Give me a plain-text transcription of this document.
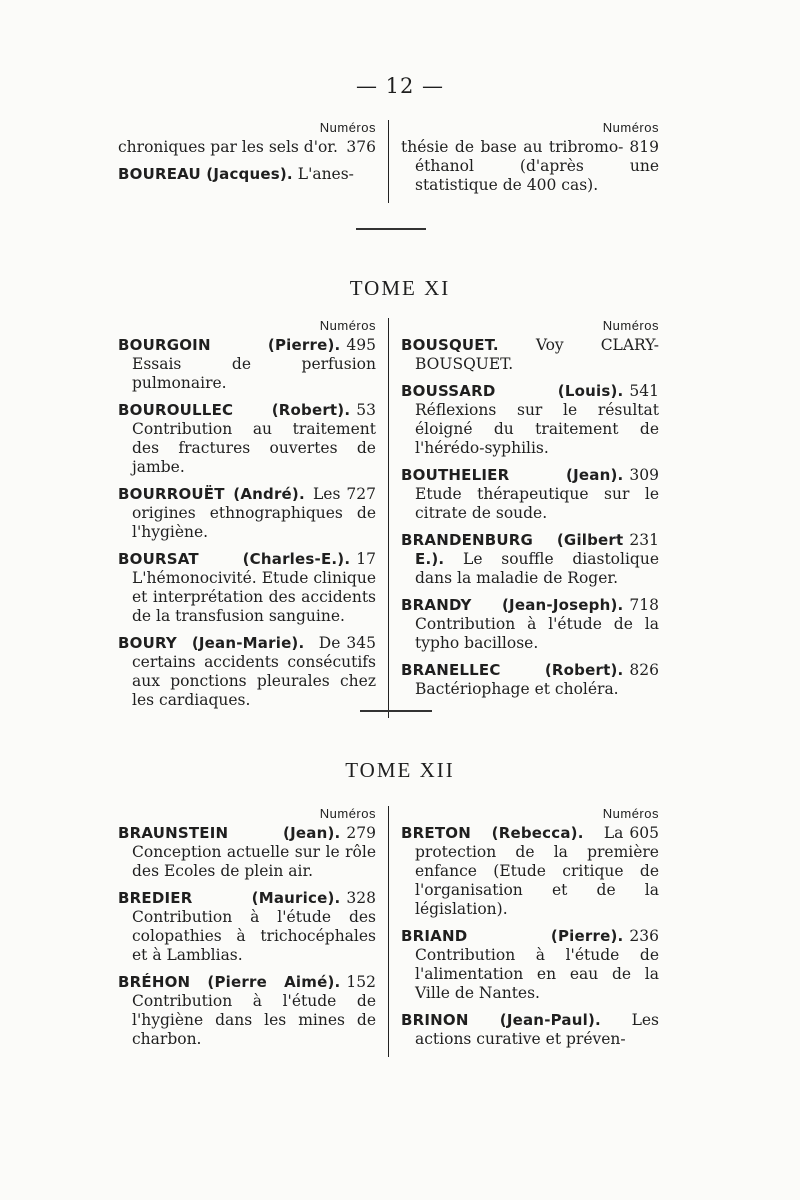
— 12 —
Numéros
376
chroniques par les sels d'or.
BOUREAU (Jacques). L'anes-
Numéros
819
thésie de base au tribromo-éthanol (d'après une statistique de 400 cas).
TOME XI
Numéros
495
BOURGOIN (Pierre). Essais de perfusion pulmonaire.
53
BOUROULLEC (Robert). Contribution au traitement des fractures ouvertes de jambe.
727
BOURROUËT (André). Les origines ethnographiques de l'hygiène.
17
BOURSAT (Charles-E.). L'hémonocivité. Etude clinique et interprétation des accidents de la transfusion sanguine.
345
BOURY (Jean-Marie). De certains accidents consécutifs aux ponctions pleurales chez les cardiaques.
Numéros
BOUSQUET. Voy CLARY-BOUSQUET.
541
BOUSSARD (Louis). Réflexions sur le résultat éloigné du traitement de l'hérédo-syphilis.
309
BOUTHELIER (Jean). Etude thérapeutique sur le citrate de soude.
231
BRANDENBURG (Gilbert E.). Le souffle diastolique dans la maladie de Roger.
718
BRANDY (Jean-Joseph). Contribution à l'étude de la typho bacillose.
826
BRANELLEC (Robert). Bactériophage et choléra.
TOME XII
Numéros
279
BRAUNSTEIN (Jean). Conception actuelle sur le rôle des Ecoles de plein air.
328
BREDIER (Maurice). Contribution à l'étude des colopathies à trichocéphales et à Lamblias.
152
BRÉHON (Pierre Aimé). Contribution à l'étude de l'hygiène dans les mines de charbon.
Numéros
605
BRETON (Rebecca). La protection de la première enfance (Etude critique de l'organisation et de la législation).
236
BRIAND (Pierre). Contribution à l'étude de l'alimentation en eau de la Ville de Nantes.
BRINON (Jean-Paul). Les actions curative et préven-
